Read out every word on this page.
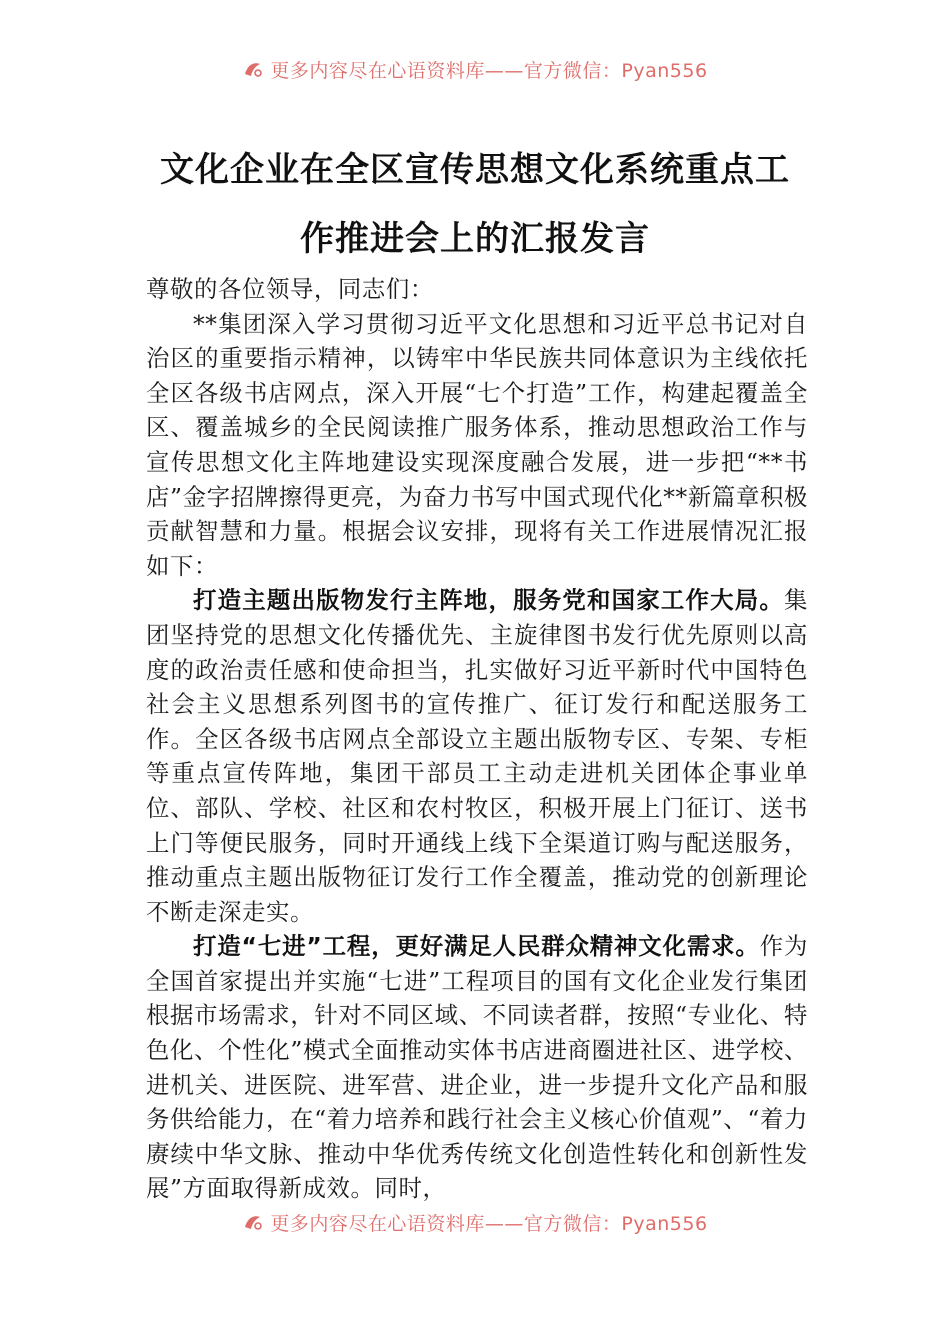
更多内容尽在心语资料库——官方微信：Pyan556
文化企业在全区宣传思想文化系统重点工
作推进会上的汇报发言

尊敬的各位领导，同志们：

**集团深入学习贯彻习近平文化思想和习近平总书记对自治区的重要指示精神，以铸牢中华民族共同体意识为主线依托全区各级书店网点，深入开展“七个打造”工作，构建起覆盖全区、覆盖城乡的全民阅读推广服务体系，推动思想政治工作与宣传思想文化主阵地建设实现深度融合发展，进一步把“**书店”金字招牌擦得更亮，为奋力书写中国式现代化**新篇章积极贡献智慧和力量。根据会议安排，现将有关工作进展情况汇报如下：

打造主题出版物发行主阵地，服务党和国家工作大局。集团坚持党的思想文化传播优先、主旋律图书发行优先原则以高度的政治责任感和使命担当，扎实做好习近平新时代中国特色社会主义思想系列图书的宣传推广、征订发行和配送服务工作。全区各级书店网点全部设立主题出版物专区、专架、专柜等重点宣传阵地，集团干部员工主动走进机关团体企事业单位、部队、学校、社区和农村牧区，积极开展上门征订、送书上门等便民服务，同时开通线上线下全渠道订购与配送服务，推动重点主题出版物征订发行工作全覆盖，推动党的创新理论不断走深走实。

打造“七进”工程，更好满足人民群众精神文化需求。作为全国首家提出并实施“七进”工程项目的国有文化企业发行集团根据市场需求，针对不同区域、不同读者群，按照“专业化、特色化、个性化”模式全面推动实体书店进商圈进社区、进学校、进机关、进医院、进军营、进企业，进一步提升文化产品和服务供给能力，在“着力培养和践行社会主义核心价值观”、“着力赓续中华文脉、推动中华优秀传统文化创造性转化和创新性发展”方面取得新成效。同时，

更多内容尽在心语资料库——官方微信：Pyan556
